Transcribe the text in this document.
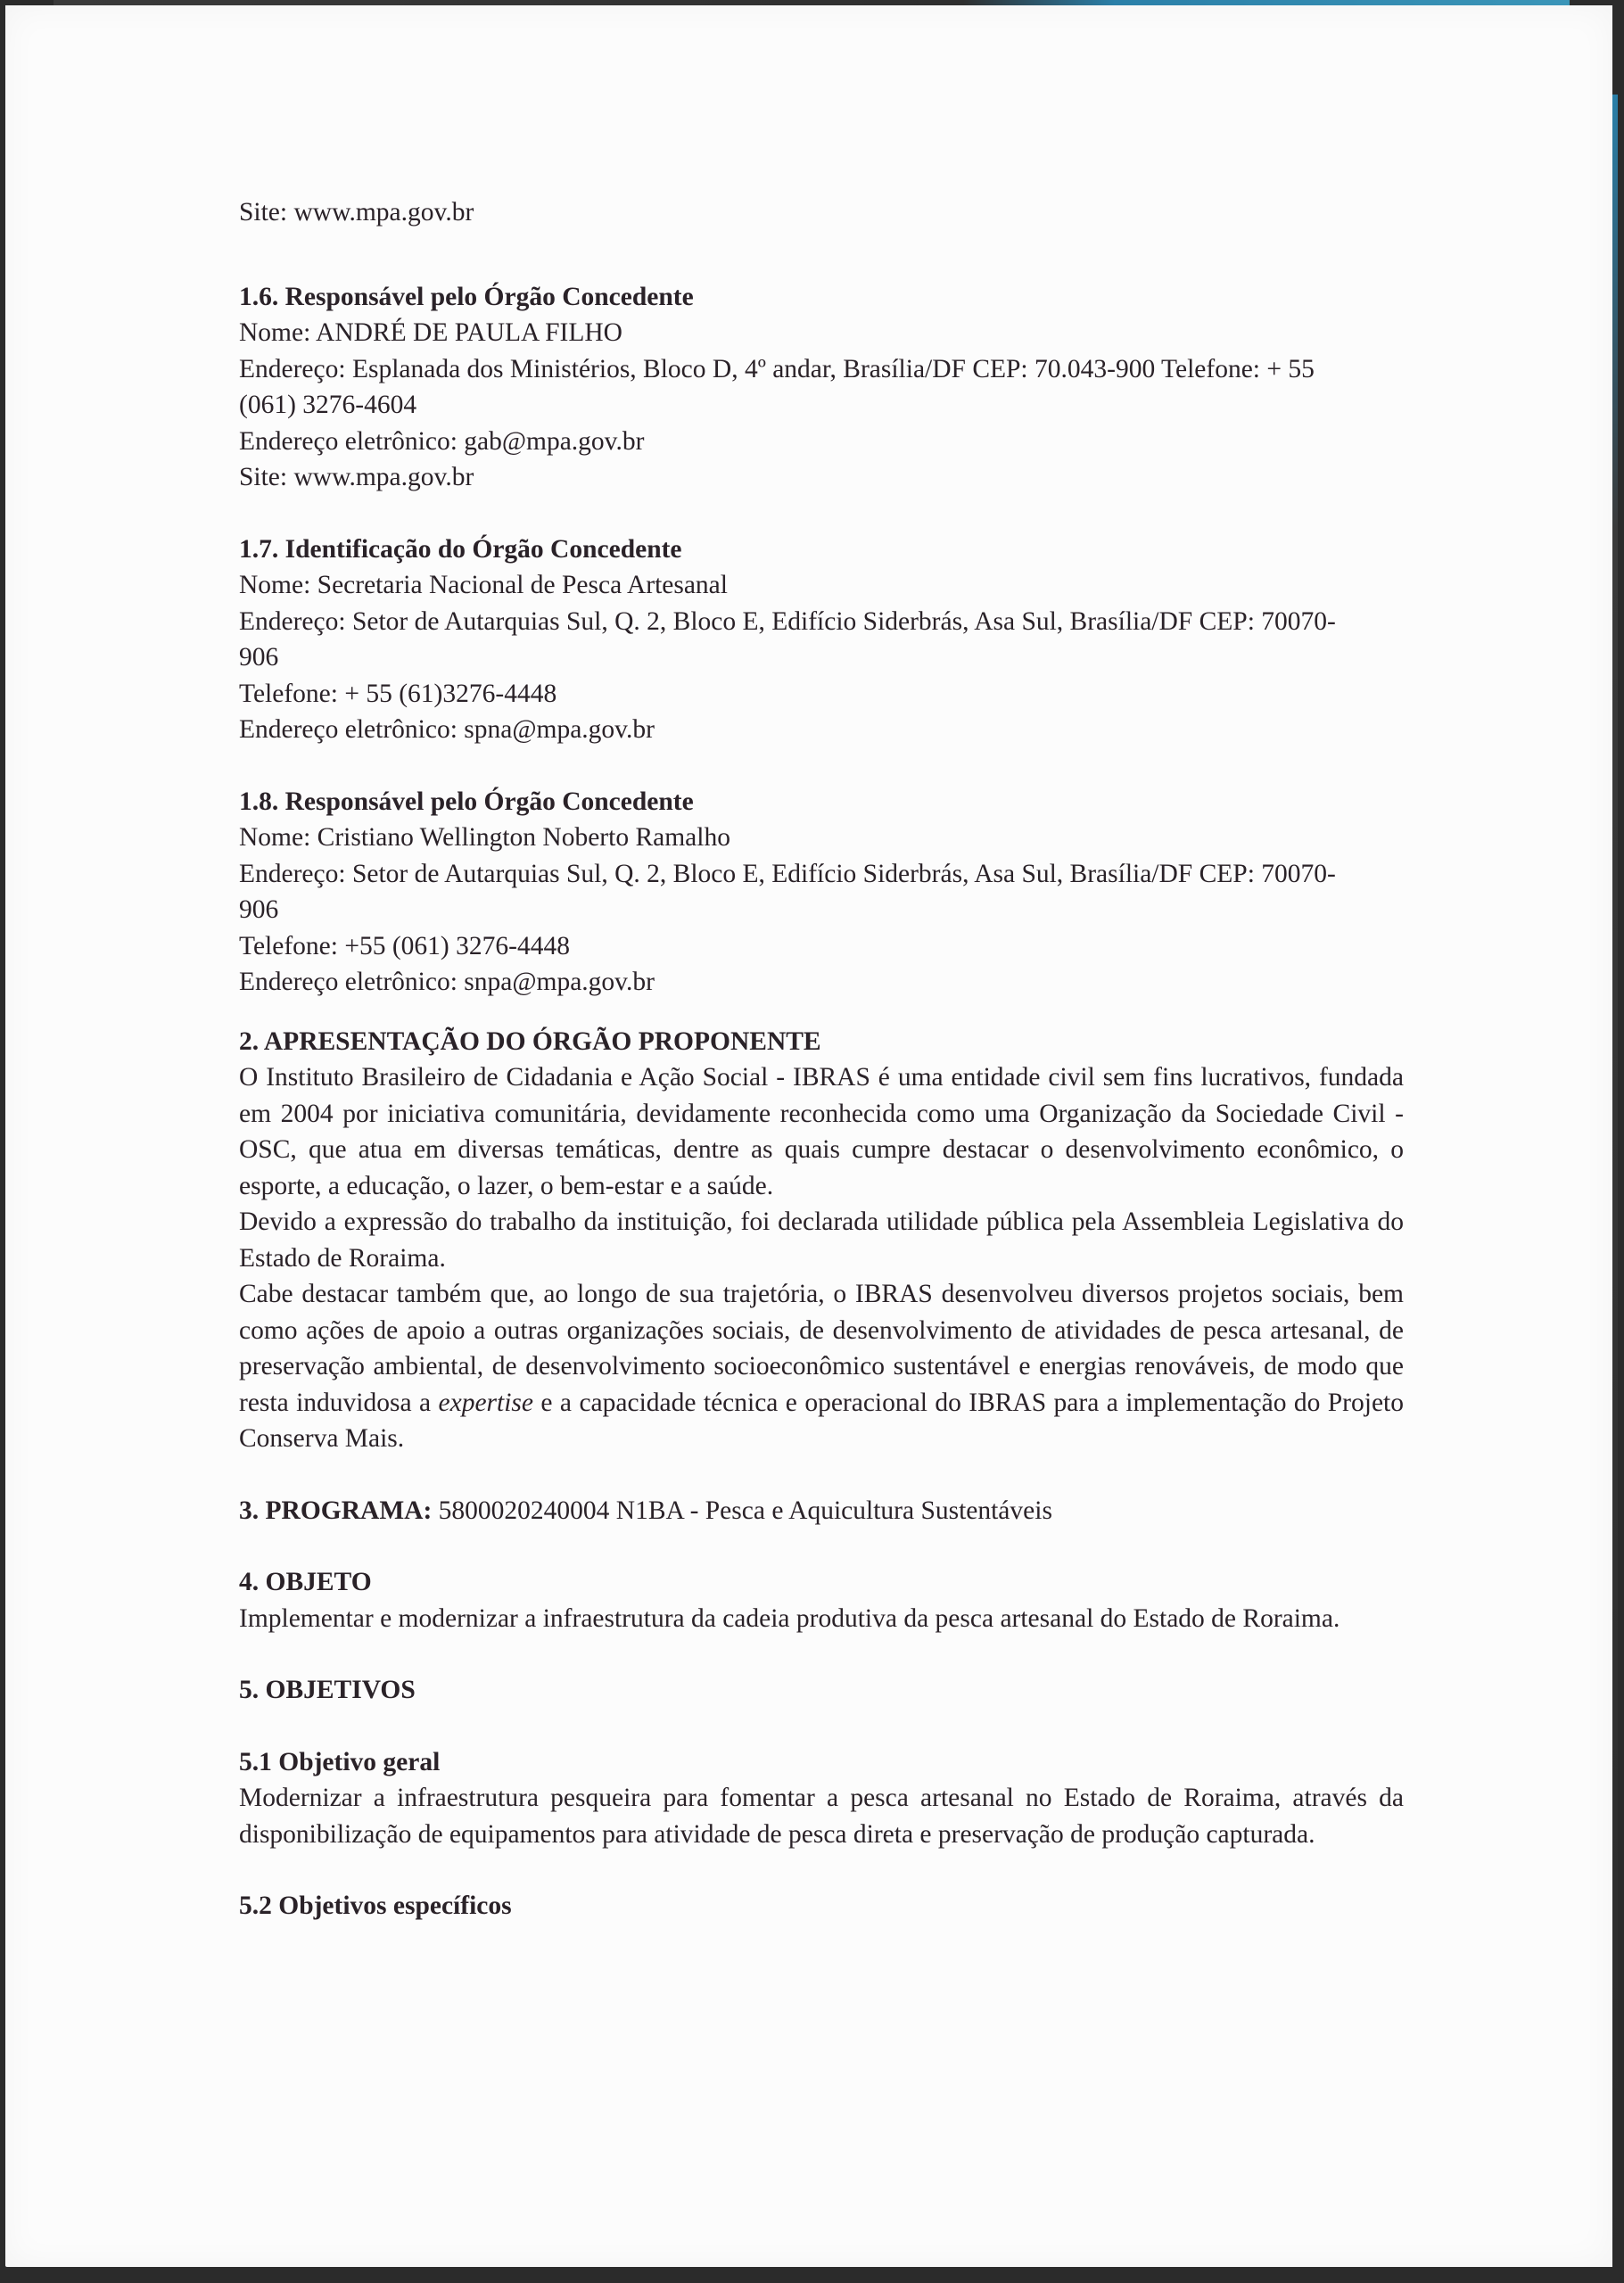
Site: www.mpa.gov.br
1.6. Responsável pelo Órgão Concedente
Nome: ANDRÉ DE PAULA FILHO
Endereço: Esplanada dos Ministérios, Bloco D, 4º andar, Brasília/DF CEP: 70.043-900 Telefone: + 55
(061) 3276-4604
Endereço eletrônico: gab@mpa.gov.br
Site: www.mpa.gov.br
1.7. Identificação do Órgão Concedente
Nome: Secretaria Nacional de Pesca Artesanal
Endereço: Setor de Autarquias Sul, Q. 2, Bloco E, Edifício Siderbrás, Asa Sul, Brasília/DF CEP: 70070-
906
Telefone: + 55 (61)3276-4448
Endereço eletrônico: spna@mpa.gov.br
1.8. Responsável pelo Órgão Concedente
Nome: Cristiano Wellington Noberto Ramalho
Endereço: Setor de Autarquias Sul, Q. 2, Bloco E, Edifício Siderbrás, Asa Sul, Brasília/DF CEP: 70070-
906
Telefone: +55 (061) 3276-4448
Endereço eletrônico: snpa@mpa.gov.br
2. APRESENTAÇÃO DO ÓRGÃO PROPONENTE
O Instituto Brasileiro de Cidadania e Ação Social - IBRAS é uma entidade civil sem fins lucrativos, fundada em 2004 por iniciativa comunitária, devidamente reconhecida como uma Organização da Sociedade Civil - OSC, que atua em diversas temáticas, dentre as quais cumpre destacar o desenvolvimento econômico, o esporte, a educação, o lazer, o bem-estar e a saúde.
Devido a expressão do trabalho da instituição, foi declarada utilidade pública pela Assembleia Legislativa do Estado de Roraima.
Cabe destacar também que, ao longo de sua trajetória, o IBRAS desenvolveu diversos projetos sociais, bem como ações de apoio a outras organizações sociais, de desenvolvimento de atividades de pesca artesanal, de preservação ambiental, de desenvolvimento socioeconômico sustentável e energias renováveis, de modo que resta induvidosa a expertise e a capacidade técnica e operacional do IBRAS para a implementação do Projeto Conserva Mais.
3. PROGRAMA: 5800020240004 N1BA - Pesca e Aquicultura Sustentáveis
4. OBJETO
Implementar e modernizar a infraestrutura da cadeia produtiva da pesca artesanal do Estado de Roraima.
5. OBJETIVOS
5.1 Objetivo geral
Modernizar a infraestrutura pesqueira para fomentar a pesca artesanal no Estado de Roraima, através da disponibilização de equipamentos para atividade de pesca direta e preservação de produção capturada.
5.2 Objetivos específicos
